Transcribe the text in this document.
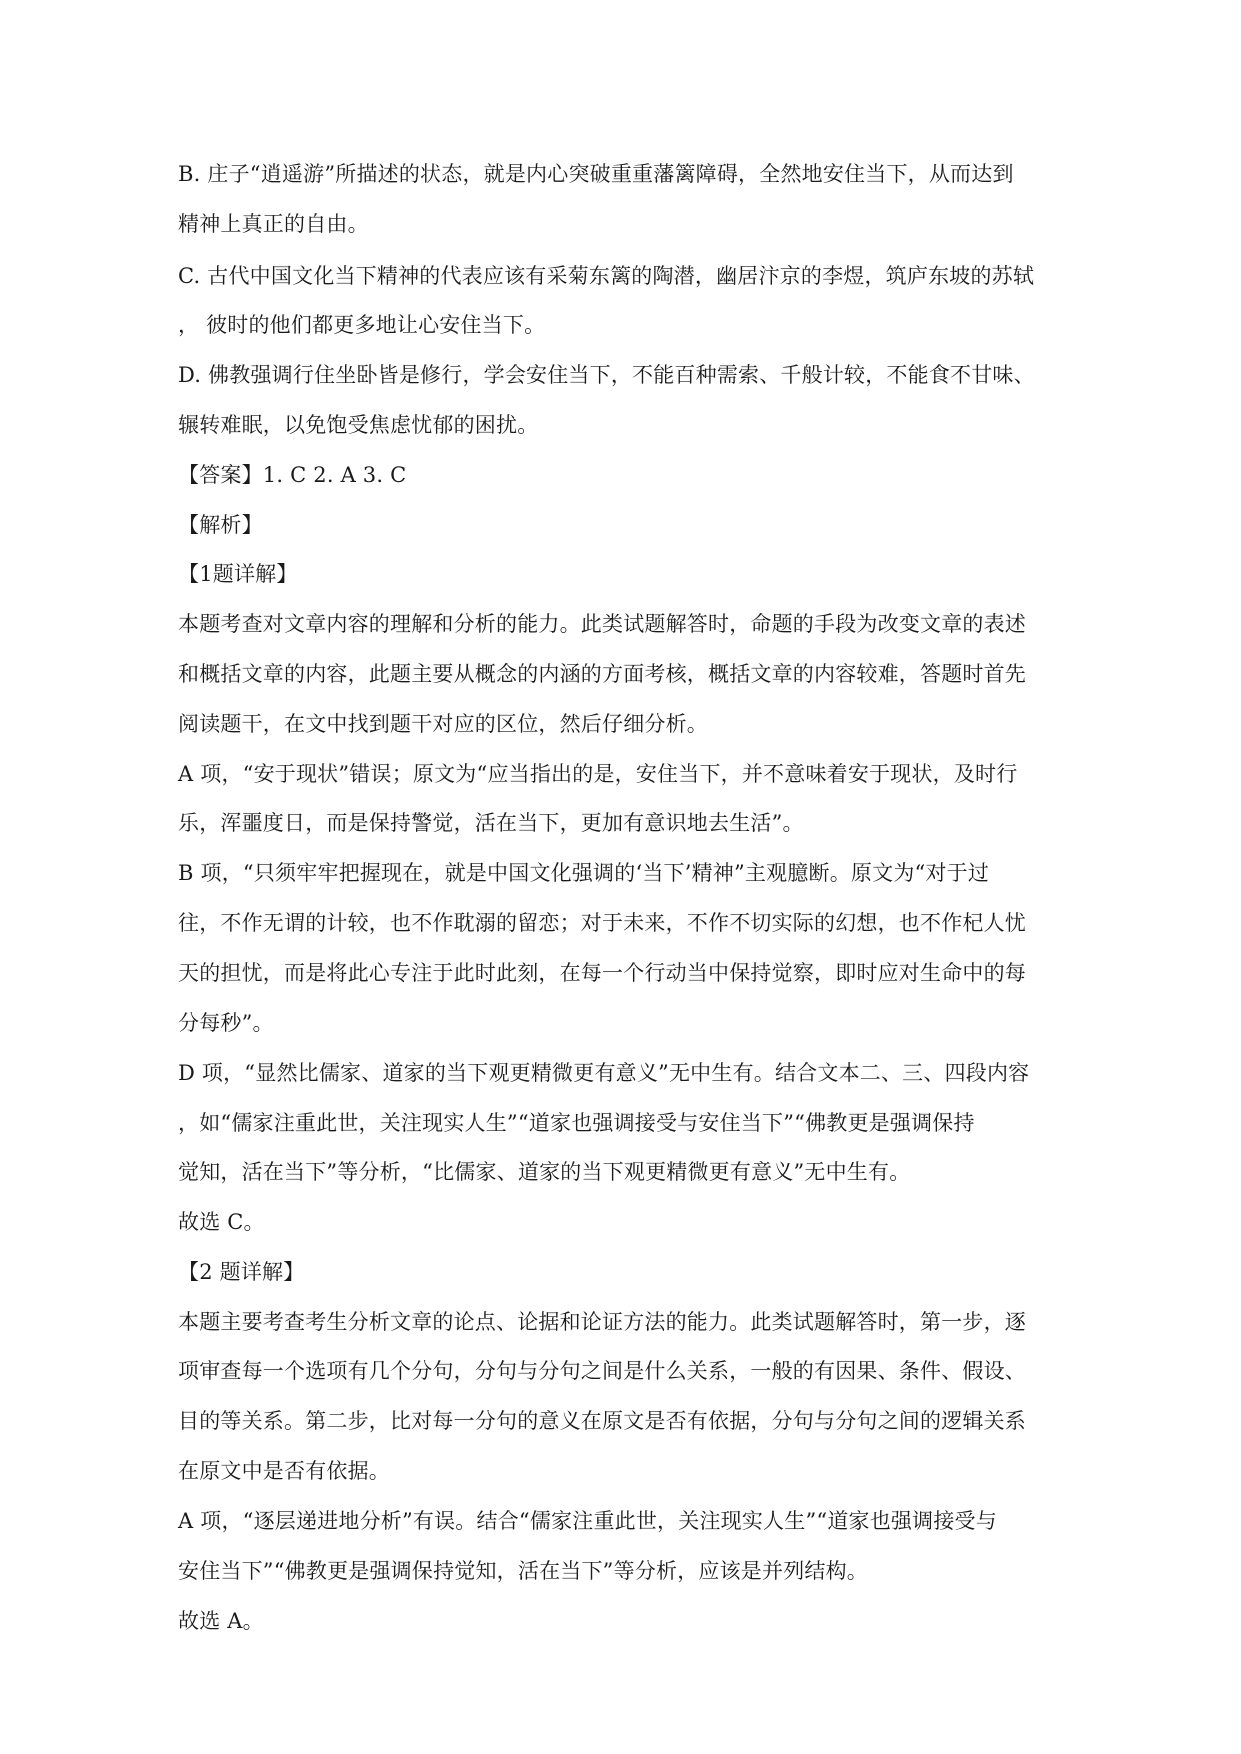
B. 庄子“逍遥游”所描述的状态，就是内心突破重重藩篱障碍，全然地安住当下，从而达到
精神上真正的自由。
C. 古代中国文化当下精神的代表应该有采菊东篱的陶潜，幽居汴京的李煜，筑庐东坡的苏轼
， 彼时的他们都更多地让心安住当下。
D. 佛教强调行住坐卧皆是修行，学会安住当下，不能百种需索、千般计较，不能食不甘味、
辗转难眠，以免饱受焦虑忧郁的困扰。
【答案】1. C 2. A 3. C
【解析】
【1题详解】
本题考查对文章内容的理解和分析的能力。此类试题解答时，命题的手段为改变文章的表述
和概括文章的内容，此题主要从概念的内涵的方面考核，概括文章的内容较难，答题时首先
阅读题干，在文中找到题干对应的区位，然后仔细分析。
A 项，“安于现状”错误；原文为“应当指出的是，安住当下，并不意味着安于现状，及时行
乐，浑噩度日，而是保持警觉，活在当下，更加有意识地去生活”。
B 项，“只须牢牢把握现在，就是中国文化强调的‘当下’精神”主观臆断。原文为“对于过
往，不作无谓的计较，也不作耽溺的留恋；对于未来，不作不切实际的幻想，也不作杞人忧
天的担忧，而是将此心专注于此时此刻，在每一个行动当中保持觉察，即时应对生命中的每
分每秒”。
D 项，“显然比儒家、道家的当下观更精微更有意义”无中生有。结合文本二、三、四段内容
，如“儒家注重此世，关注现实人生”“道家也强调接受与安住当下”“佛教更是强调保持
觉知，活在当下”等分析，“比儒家、道家的当下观更精微更有意义”无中生有。
故选 C。
【2 题详解】
本题主要考查考生分析文章的论点、论据和论证方法的能力。此类试题解答时，第一步，逐
项审查每一个选项有几个分句，分句与分句之间是什么关系，一般的有因果、条件、假设、
目的等关系。第二步，比对每一分句的意义在原文是否有依据，分句与分句之间的逻辑关系
在原文中是否有依据。
A 项，“逐层递进地分析”有误。结合“儒家注重此世，关注现实人生”“道家也强调接受与
安住当下”“佛教更是强调保持觉知，活在当下”等分析，应该是并列结构。
故选 A。
